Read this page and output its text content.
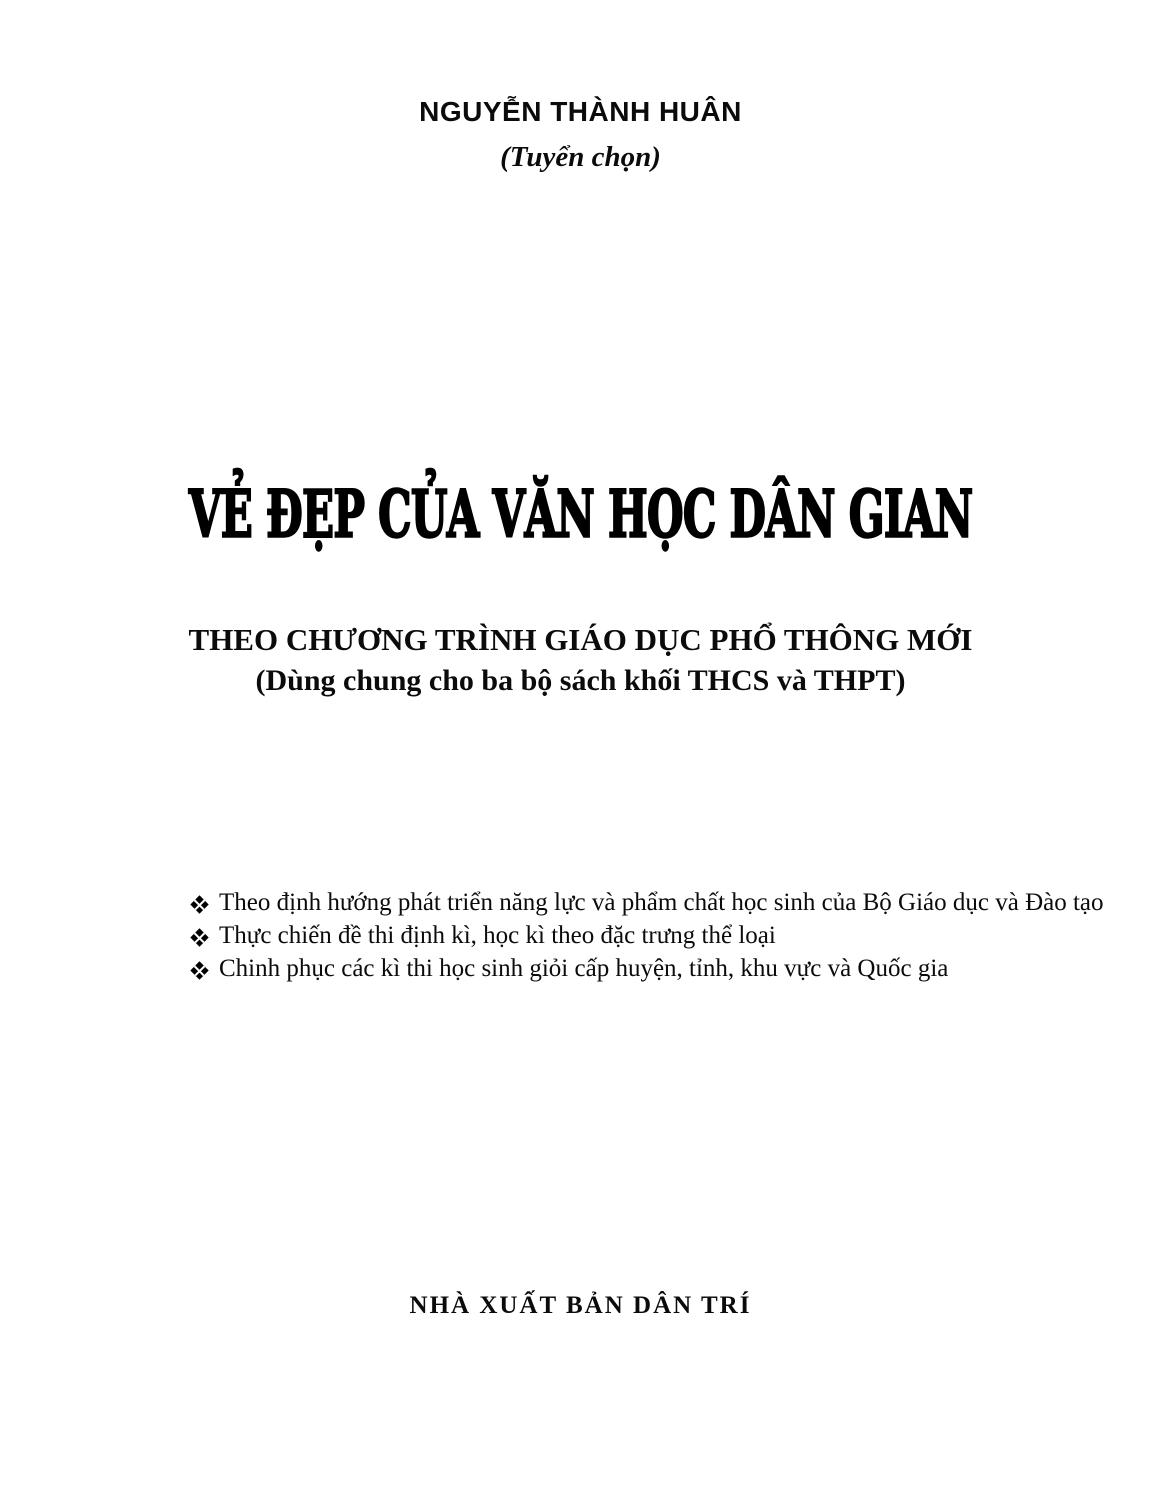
NGUYỄN THÀNH HUÂN
(Tuyển chọn)
VẺ ĐẸP CỦA VĂN HỌC DÂN GIAN
THEO CHƯƠNG TRÌNH GIÁO DỤC PHỔ THÔNG MỚI
(Dùng chung cho ba bộ sách khối THCS và THPT)
Theo định hướng phát triển năng lực và phẩm chất học sinh của Bộ Giáo dục và Đào tạo
Thực chiến đề thi định kì, học kì theo đặc trưng thể loại
Chinh phục các kì thi học sinh giỏi cấp huyện, tỉnh, khu vực và Quốc gia
NHÀ XUẤT BẢN DÂN TRÍ
